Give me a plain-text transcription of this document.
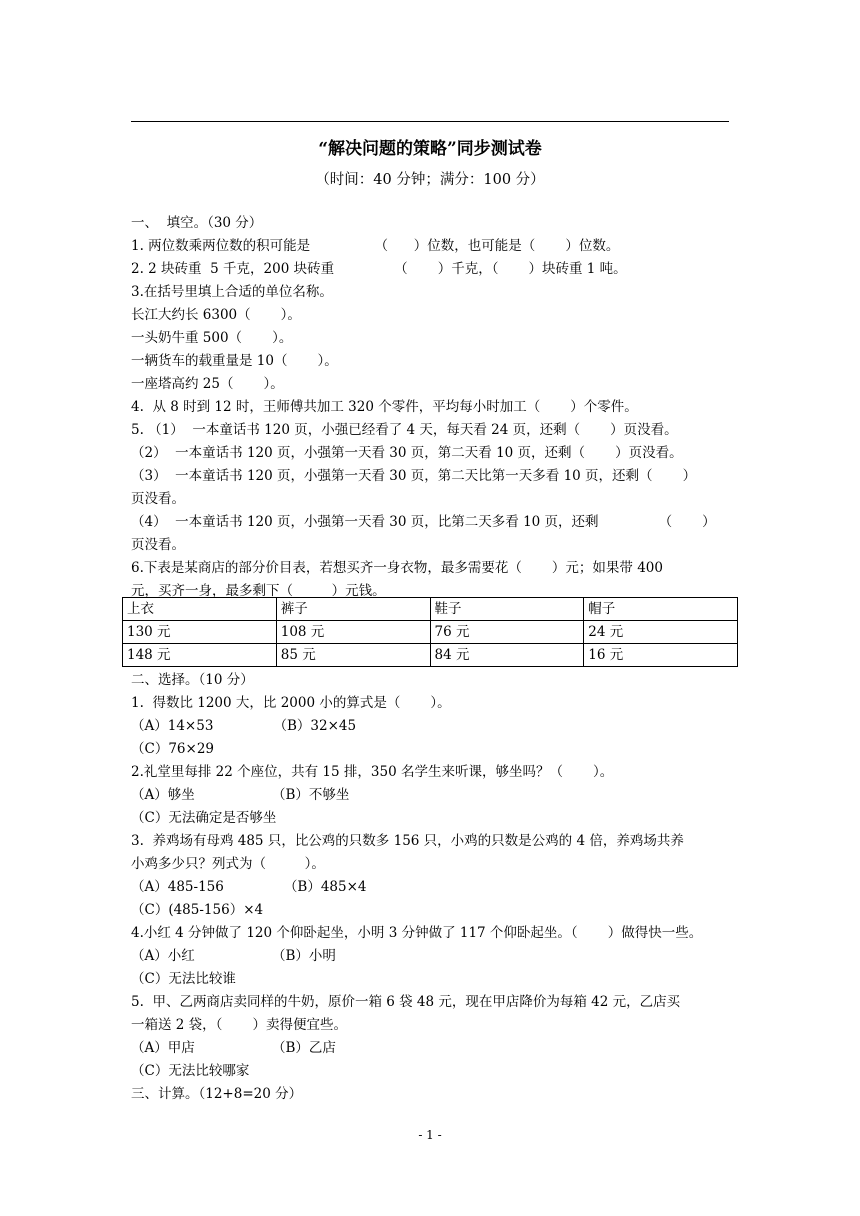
“解决问题的策略”同步测试卷
（时间：40 分钟；满分：100 分）
一、  填空。（30 分）
1. 两位数乘两位数的积可能是               （      ）位数，也可能是（       ）位数。
2. 2 块砖重  5 千克，200 块砖重              （       ）千克，（       ）块砖重 1 吨。
3.在括号里填上合适的单位名称。
长江大约长 6300（       ）。
一头奶牛重 500（       ）。
一辆货车的载重量是 10（       ）。
一座塔高约 25（       ）。
4.  从 8 时到 12 时，王师傅共加工 320 个零件，平均每小时加工（       ）个零件。
5. （1）  一本童话书 120 页，小强已经看了 4 天，每天看 24 页，还剩（       ）页没看。
（2）  一本童话书 120 页，小强第一天看 30 页，第二天看 10 页，还剩（       ）页没看。
（3）  一本童话书 120 页，小强第一天看 30 页，第二天比第一天多看 10 页，还剩（       ）
页没看。
（4）  一本童话书 120 页，小强第一天看 30 页，比第二天多看 10 页，还剩              （       ）
页没看。
6.下表是某商店的部分价目表，若想买齐一身衣物，最多需要花（       ）元；如果带 400
元，买齐一身，最多剩下（         ）元钱。
上衣	裤子	鞋子	帽子
130 元	108 元	76 元	24 元
148 元	85 元	84 元	16 元
二、选择。（10 分）
1.  得数比 1200 大，比 2000 小的算式是（       ）。
（A）14×53              （B）32×45
（C）76×29
2.礼堂里每排 22 个座位，共有 15 排，350 名学生来听课，够坐吗？（       ）。
（A）够坐                  （B）不够坐
（C）无法确定是否够坐
3.  养鸡场有母鸡 485 只，比公鸡的只数多 156 只，小鸡的只数是公鸡的 4 倍，养鸡场共养
小鸡多少只？列式为（         ）。
（A）485-156              （B）485×4
（C）(485-156）×4
4.小红 4 分钟做了 120 个仰卧起坐，小明 3 分钟做了 117 个仰卧起坐。（       ）做得快一些。
（A）小红                  （B）小明
（C）无法比较谁
5.  甲、乙两商店卖同样的牛奶，原价一箱 6 袋 48 元，现在甲店降价为每箱 42 元，乙店买
一箱送 2 袋，（       ）卖得便宜些。
（A）甲店                  （B）乙店
（C）无法比较哪家
三、计算。（12+8=20 分）
- 1 -
